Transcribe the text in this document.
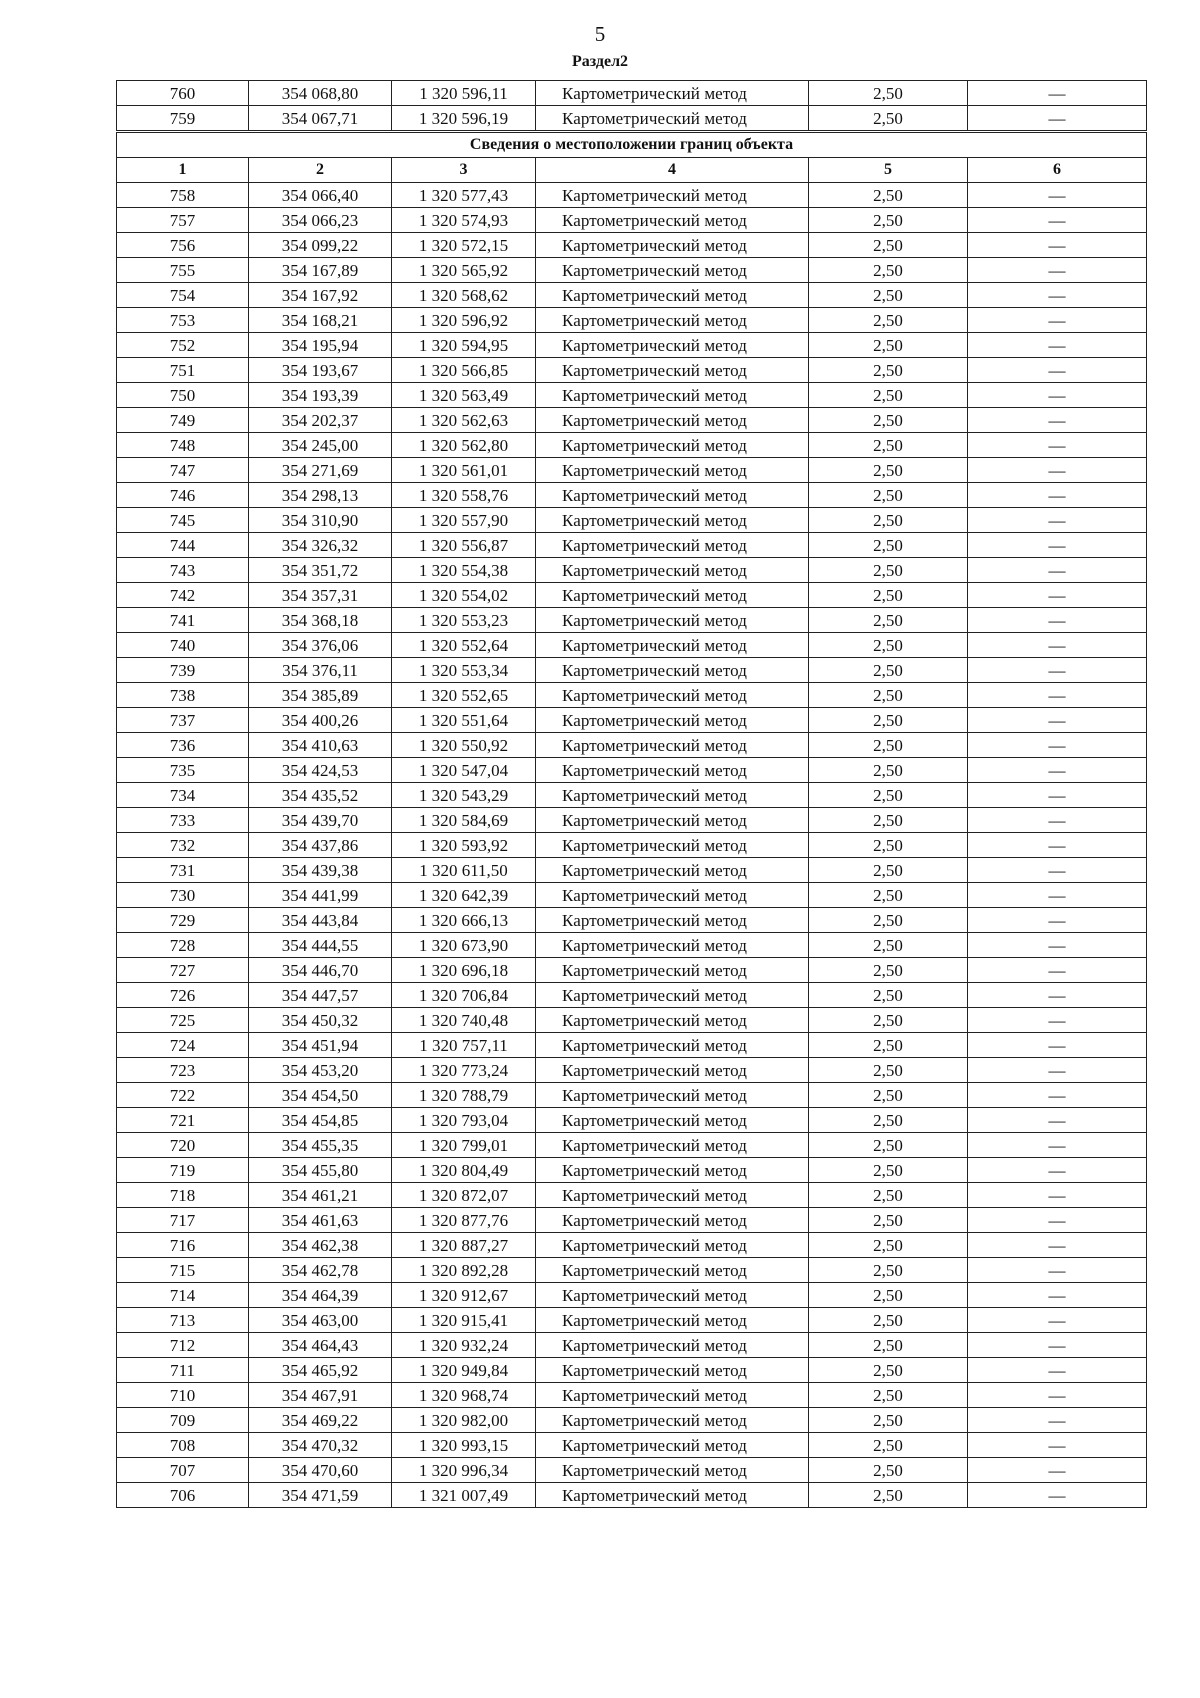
5
Раздел2
760	354 068,80	1 320 596,11	Картометрический метод	2,50	—
759	354 067,71	1 320 596,19	Картометрический метод	2,50	—
Сведения о местоположении границ объекта					
1	2	3	4	5	6
758	354 066,40	1 320 577,43	Картометрический метод	2,50	—
757	354 066,23	1 320 574,93	Картометрический метод	2,50	—
756	354 099,22	1 320 572,15	Картометрический метод	2,50	—
755	354 167,89	1 320 565,92	Картометрический метод	2,50	—
754	354 167,92	1 320 568,62	Картометрический метод	2,50	—
753	354 168,21	1 320 596,92	Картометрический метод	2,50	—
752	354 195,94	1 320 594,95	Картометрический метод	2,50	—
751	354 193,67	1 320 566,85	Картометрический метод	2,50	—
750	354 193,39	1 320 563,49	Картометрический метод	2,50	—
749	354 202,37	1 320 562,63	Картометрический метод	2,50	—
748	354 245,00	1 320 562,80	Картометрический метод	2,50	—
747	354 271,69	1 320 561,01	Картометрический метод	2,50	—
746	354 298,13	1 320 558,76	Картометрический метод	2,50	—
745	354 310,90	1 320 557,90	Картометрический метод	2,50	—
744	354 326,32	1 320 556,87	Картометрический метод	2,50	—
743	354 351,72	1 320 554,38	Картометрический метод	2,50	—
742	354 357,31	1 320 554,02	Картометрический метод	2,50	—
741	354 368,18	1 320 553,23	Картометрический метод	2,50	—
740	354 376,06	1 320 552,64	Картометрический метод	2,50	—
739	354 376,11	1 320 553,34	Картометрический метод	2,50	—
738	354 385,89	1 320 552,65	Картометрический метод	2,50	—
737	354 400,26	1 320 551,64	Картометрический метод	2,50	—
736	354 410,63	1 320 550,92	Картометрический метод	2,50	—
735	354 424,53	1 320 547,04	Картометрический метод	2,50	—
734	354 435,52	1 320 543,29	Картометрический метод	2,50	—
733	354 439,70	1 320 584,69	Картометрический метод	2,50	—
732	354 437,86	1 320 593,92	Картометрический метод	2,50	—
731	354 439,38	1 320 611,50	Картометрический метод	2,50	—
730	354 441,99	1 320 642,39	Картометрический метод	2,50	—
729	354 443,84	1 320 666,13	Картометрический метод	2,50	—
728	354 444,55	1 320 673,90	Картометрический метод	2,50	—
727	354 446,70	1 320 696,18	Картометрический метод	2,50	—
726	354 447,57	1 320 706,84	Картометрический метод	2,50	—
725	354 450,32	1 320 740,48	Картометрический метод	2,50	—
724	354 451,94	1 320 757,11	Картометрический метод	2,50	—
723	354 453,20	1 320 773,24	Картометрический метод	2,50	—
722	354 454,50	1 320 788,79	Картометрический метод	2,50	—
721	354 454,85	1 320 793,04	Картометрический метод	2,50	—
720	354 455,35	1 320 799,01	Картометрический метод	2,50	—
719	354 455,80	1 320 804,49	Картометрический метод	2,50	—
718	354 461,21	1 320 872,07	Картометрический метод	2,50	—
717	354 461,63	1 320 877,76	Картометрический метод	2,50	—
716	354 462,38	1 320 887,27	Картометрический метод	2,50	—
715	354 462,78	1 320 892,28	Картометрический метод	2,50	—
714	354 464,39	1 320 912,67	Картометрический метод	2,50	—
713	354 463,00	1 320 915,41	Картометрический метод	2,50	—
712	354 464,43	1 320 932,24	Картометрический метод	2,50	—
711	354 465,92	1 320 949,84	Картометрический метод	2,50	—
710	354 467,91	1 320 968,74	Картометрический метод	2,50	—
709	354 469,22	1 320 982,00	Картометрический метод	2,50	—
708	354 470,32	1 320 993,15	Картометрический метод	2,50	—
707	354 470,60	1 320 996,34	Картометрический метод	2,50	—
706	354 471,59	1 321 007,49	Картометрический метод	2,50	—
